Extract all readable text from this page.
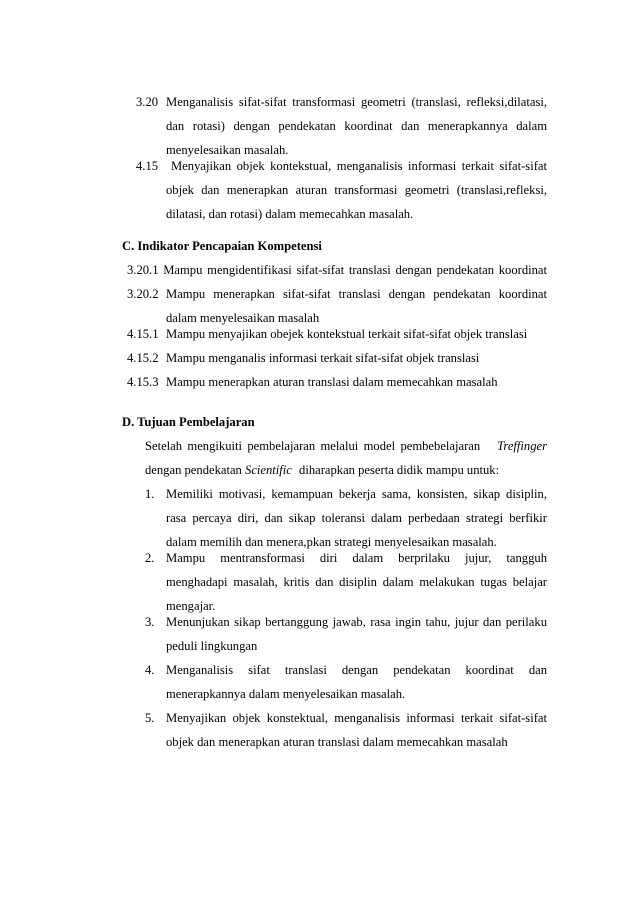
3.20 Menganalisis sifat-sifat transformasi geometri (translasi, refleksi,dilatasi,
dan rotasi) dengan pendekatan koordinat dan menerapkannya dalam
menyelesaikan masalah.
4.15 Menyajikan objek kontekstual, menganalisis informasi terkait sifat-sifat
objek dan menerapkan aturan transformasi geometri (translasi,refleksi,
dilatasi, dan rotasi) dalam memecahkan masalah.
C. Indikator Pencapaian Kompetensi
3.20.1 Mampu mengidentifikasi sifat-sifat translasi dengan pendekatan koordinat
3.20.2 Mampu menerapkan sifat-sifat translasi dengan pendekatan koordinat
dalam menyelesaikan masalah
4.15.1 Mampu menyajikan obejek kontekstual terkait sifat-sifat objek translasi
4.15.2 Mampu menganalis informasi terkait sifat-sifat objek translasi
4.15.3 Mampu menerapkan aturan translasi dalam memecahkan masalah
D. Tujuan Pembelajaran
Setelah mengikuiti pembelajaran melalui model pembebelajaran Treffinger
dengan pendekatan Scientific diharapkan peserta didik mampu untuk:
1. Memiliki motivasi, kemampuan bekerja sama, konsisten, sikap disiplin,
rasa percaya diri, dan sikap toleransi dalam perbedaan strategi berfikir
dalam memilih dan menera,pkan strategi menyelesaikan masalah.
2. Mampu mentransformasi diri dalam berprilaku jujur, tangguh
menghadapi masalah, kritis dan disiplin dalam melakukan tugas belajar
mengajar.
3. Menunjukan sikap bertanggung jawab, rasa ingin tahu, jujur dan perilaku
peduli lingkungan
4. Menganalisis sifat translasi dengan pendekatan koordinat dan
menerapkannya dalam menyelesaikan masalah.
5. Menyajikan objek konstektual, menganalisis informasi terkait sifat-sifat
objek dan menerapkan aturan translasi dalam memecahkan masalah
